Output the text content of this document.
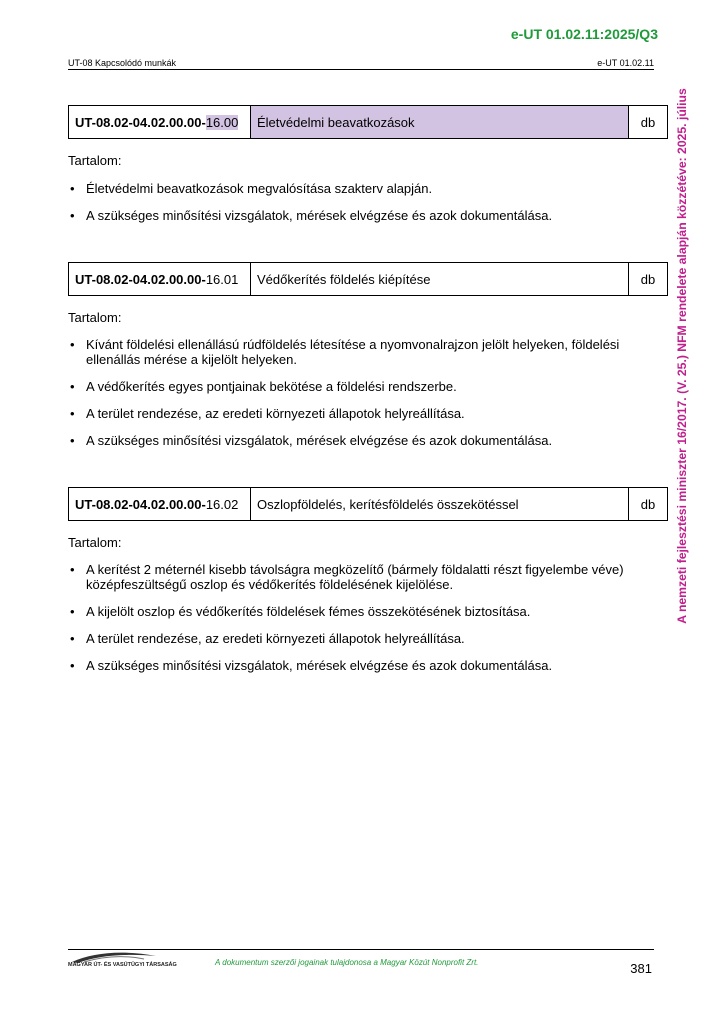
e-UT 01.02.11:2025/Q3
UT-08 Kapcsolódó munkák	e-UT 01.02.11
A nemzeti fejlesztési miniszter 16/2017. (V. 25.) NFM rendelete alapján közzétéve: 2025. július
UT-08.02-04.02.00.00- 16.00	Életvédelmi beavatkozások	db
Tartalom:
• Életvédelmi beavatkozások megvalósítása szakterv alapján.
• A szükséges minősítési vizsgálatok, mérések elvégzése és azok dokumentálása.
UT-08.02-04.02.00.00- 16.01	Védőkerítés földelés kiépítése	db
Tartalom:
• Kívánt földelési ellenállású rúdföldelés létesítése a nyomvonalrajzon jelölt helyeken, földelési ellenállás mérése a kijelölt helyeken.
• A védőkerítés egyes pontjainak bekötése a földelési rendszerbe.
• A terület rendezése, az eredeti környezeti állapotok helyreállítása.
• A szükséges minősítési vizsgálatok, mérések elvégzése és azok dokumentálása.
UT-08.02-04.02.00.00- 16.02	Oszlopföldelés, kerítésföldelés összekötéssel	db
Tartalom:
• A kerítést 2 méternél kisebb távolságra megközelítő (bármely földalatti részt figyelembe véve) középfeszültségű oszlop és védőkerítés földelésének kijelölése.
• A kijelölt oszlop és védőkerítés földelések fémes összekötésének biztosítása.
• A terület rendezése, az eredeti környezeti állapotok helyreállítása.
• A szükséges minősítési vizsgálatok, mérések elvégzése és azok dokumentálása.
MAGYAR ÚT- ÉS VASÚTÜGYI TÁRSASÁG	A dokumentum szerzői jogainak tulajdonosa a Magyar Közút Nonprofit Zrt.	381
